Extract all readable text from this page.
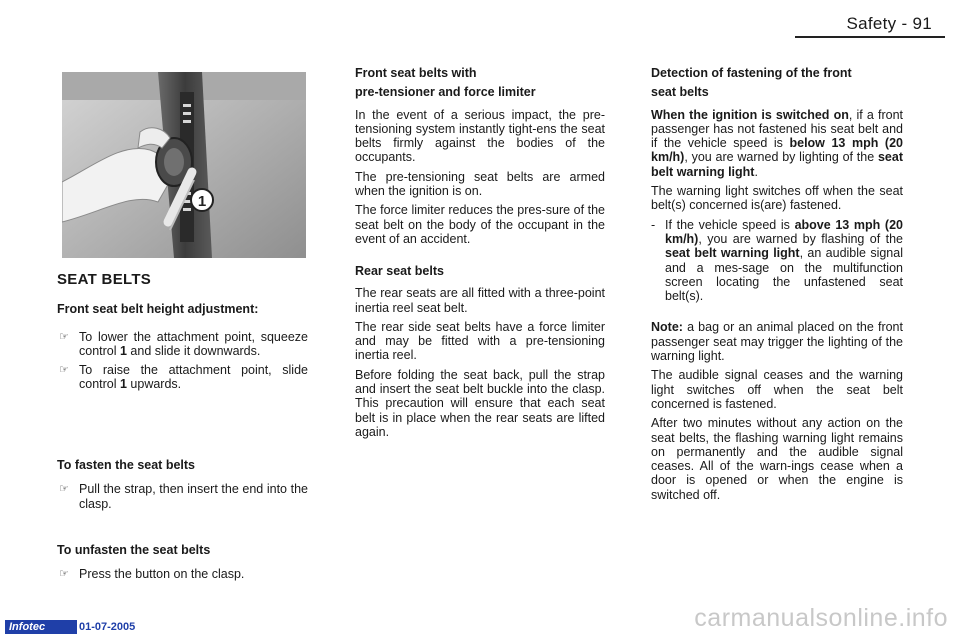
Safety - 91
1
SEAT BELTS

Front seat belt height adjustment:

☞ To lower the attachment point, squeeze control 1 and slide it downwards.
☞ To raise the attachment point, slide control 1 upwards.

To fasten the seat belts

☞ Pull the strap, then insert the end into the clasp.

To unfasten the seat belts

☞ Press the button on the clasp.

Front seat belts with

pre-tensioner and force limiter

In the event of a serious impact, the pre-tensioning system instantly tight-ens the seat belts firmly against the bodies of the occupants.

The pre-tensioning seat belts are armed when the ignition is on.

The force limiter reduces the pres-sure of the seat belt on the body of the occupant in the event of an accident.

Rear seat belts

The rear seats are all fitted with a three-point inertia reel seat belt.

The rear side seat belts have a force limiter and may be fitted with a pre-tensioning inertia reel.

Before folding the seat back, pull the strap and insert the seat belt buckle into the clasp. This precaution will ensure that each seat belt is in place when the rear seats are lifted again.

Detection of fastening of the front

seat belts

When the ignition is switched on, if a front passenger has not fastened his seat belt and if the vehicle speed is below 13 mph (20 km/h), you are warned by lighting of the seat belt warning light.

The warning light switches off when the seat belt(s) concerned is(are) fastened.

- If the vehicle speed is above 13 mph (20 km/h), you are warned by flashing of the seat belt warning light, an audible signal and a mes-sage on the multifunction screen locating the unfastened seat belt(s).

Note: a bag or an animal placed on the front passenger seat may trigger the lighting of the warning light.

The audible signal ceases and the warning light switches off when the seat belt concerned is fastened.

After two minutes without any action on the seat belts, the flashing warning light remains on permanently and the audible signal ceases. All of the warn-ings cease when a door is opened or when the engine is switched off.

Infotec	01-07-2005	carmanualsonline.info
